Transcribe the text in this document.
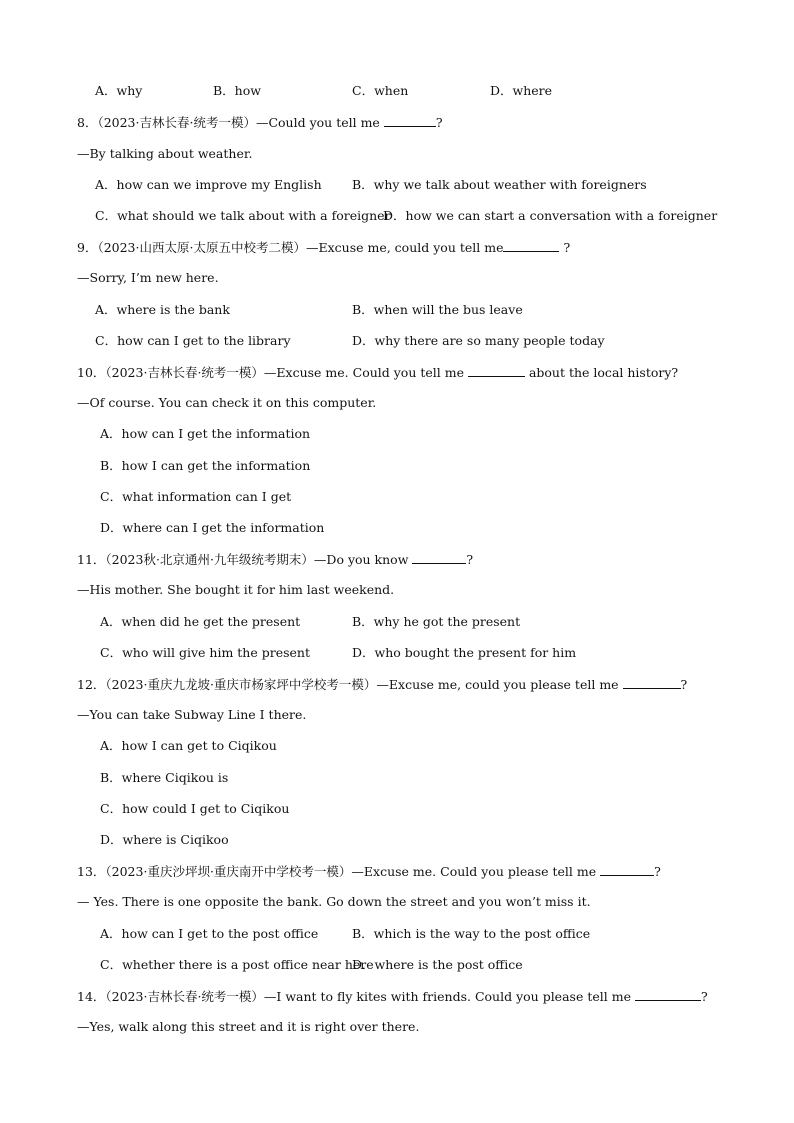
A．why	B．how	C．when	D．where
8．（2023·吉林长春·统考一模）—Could you tell me	?
—By talking about weather.
A．how can we improve my English B．why we talk about weather with foreigners
C．what should we talk about with a foreigner
D．how we can start a conversation with a foreigner
9．（2023·山西太原·太原五中校考二模）—Excuse me, could you tell me	?
—Sorry, I’m new here.
A．where is the bank	B．when will the bus leave
C．how can I get to the library	D．why there are so many people today
10．（2023·吉林长春·统考一模）—Excuse me. Could you tell me	about the local history?
—Of course. You can check it on this computer.
A．how can I get the information
B．how I can get the information
C．what information can I get
D．where can I get the information
11．（2023秋·北京通州·九年级统考期末）—Do you know	?
—His mother. She bought it for him last weekend.
A．when did he get the present	B．why he got the present
C．who will give him the present	D．who bought the present for him
12．（2023·重庆九龙坡·重庆市杨家坪中学校考一模）—Excuse me, could you please tell me	?
—You can take Subway Line I there.
A．how I can get to Ciqikou
B．where Ciqikou is
C．how could I get to Ciqikou
D．where is Ciqikoo
13．（2023·重庆沙坪坝·重庆南开中学校考一模）—Excuse me. Could you please tell me	?
— Yes. There is one opposite the bank. Go down the street and you won’t miss it.
A．how can I get to the post office	B．which is the way to the post office
C．whether there is a post office near here
D．where is the post office
14．（2023·吉林长春·统考一模）—I want to fly kites with friends. Could you please tell me	?
—Yes, walk along this street and it is right over there.
